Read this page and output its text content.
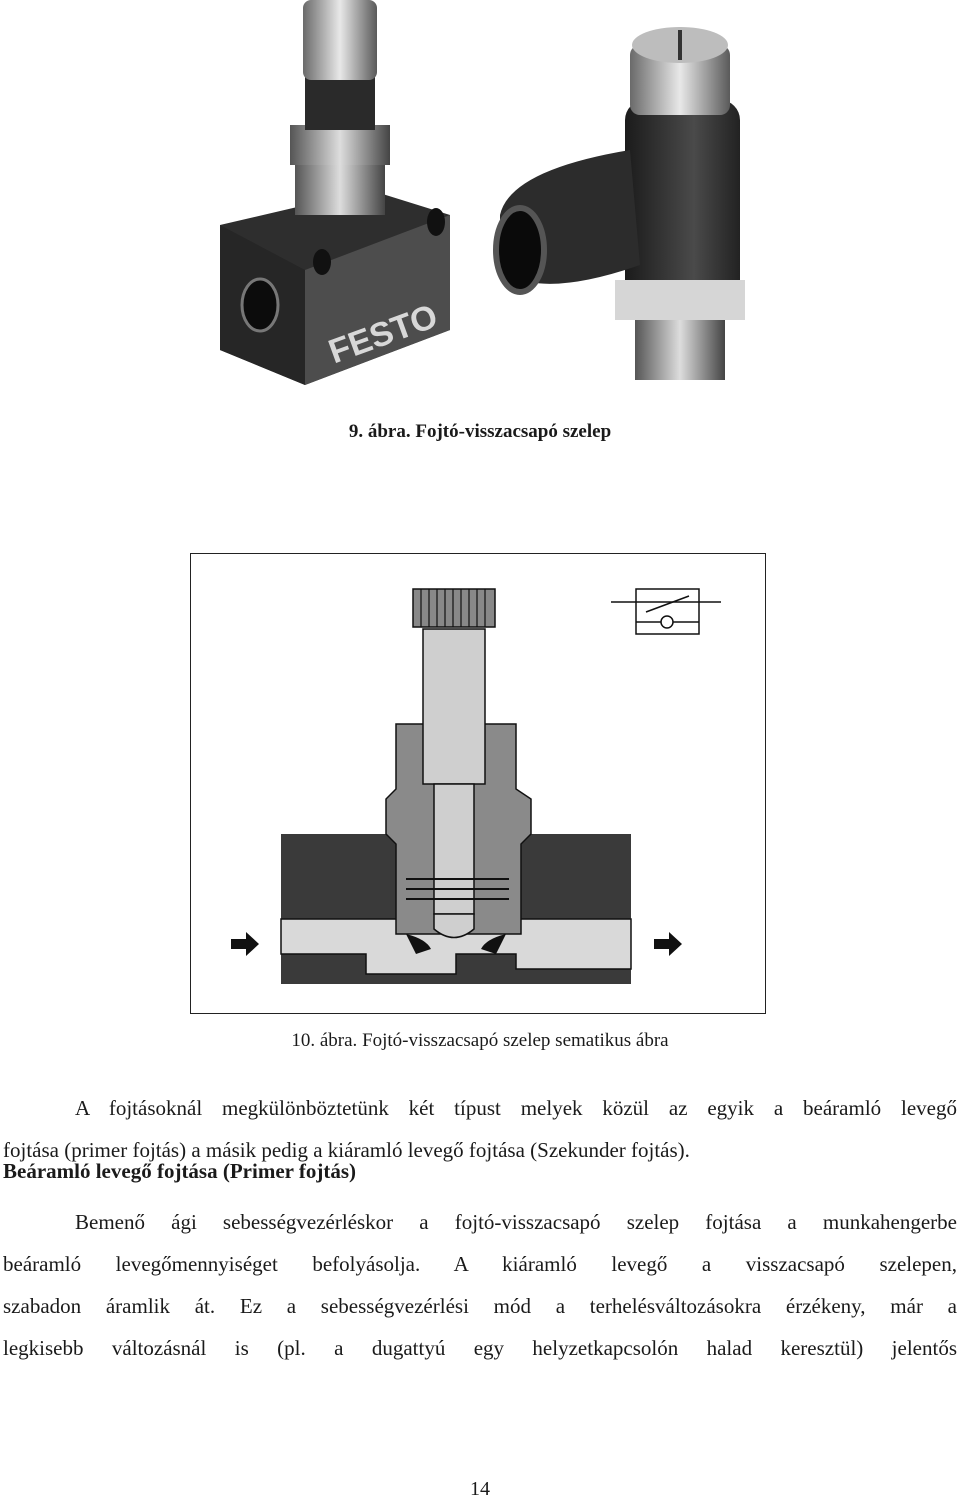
FESTO
9. ábra. Fojtó-visszacsapó szelep
10. ábra. Fojtó-visszacsapó szelep sematikus ábra
A fojtásoknál megkülönböztetünk két típust melyek közül az egyik a beáramló levegő
fojtása (primer fojtás) a másik pedig a kiáramló levegő fojtása (Szekunder fojtás).
Beáramló levegő fojtása (Primer fojtás)
Bemenő ági sebességvezérléskor a fojtó-visszacsapó szelep fojtása a munkahengerbe
beáramló levegőmennyiséget befolyásolja. A kiáramló levegő a visszacsapó szelepen,
szabadon áramlik át. Ez a sebességvezérlési mód a terhelésváltozásokra érzékeny, már a
legkisebb változásnál is (pl. a dugattyú egy helyzetkapcsolón halad keresztül) jelentős
14
